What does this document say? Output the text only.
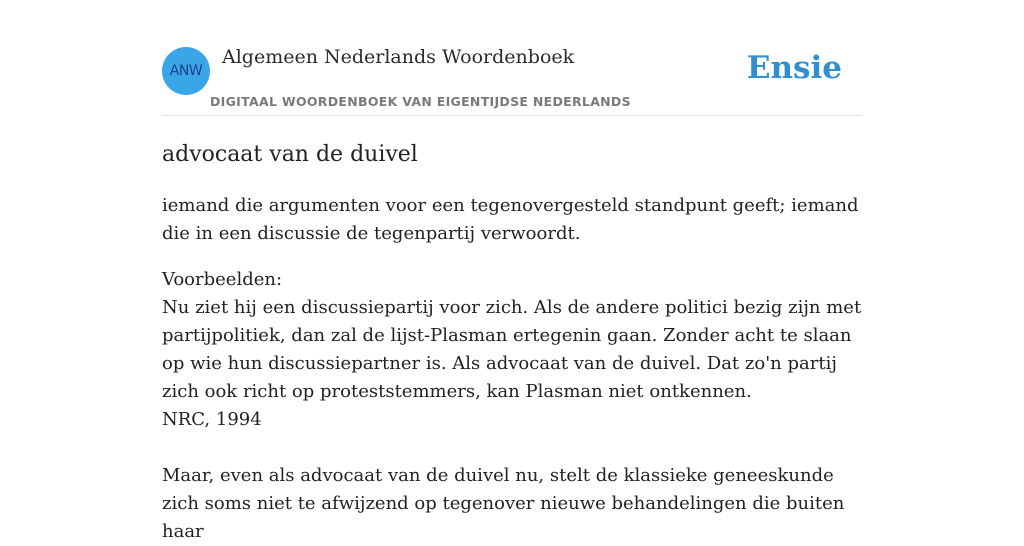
ANW
Algemeen Nederlands Woordenboek
DIGITAAL WOORDENBOEK VAN EIGENTIJDSE NEDERLANDS
Ensie
advocaat van de duivel

iemand die argumenten voor een tegenovergesteld standpunt geeft; iemand die in een discussie de tegenpartij verwoordt.

Voorbeelden:
Nu ziet hij een discussiepartij voor zich. Als de andere politici bezig zijn met partijpolitiek, dan zal de lijst-Plasman ertegenin gaan. Zonder acht te slaan op wie hun discussiepartner is. Als advocaat van de duivel. Dat zo'n partij zich ook richt op proteststemmers, kan Plasman niet ontkennen.
NRC, 1994
Maar, even als advocaat van de duivel nu, stelt de klassieke geneeskunde zich soms niet te afwijzend op tegenover nieuwe behandelingen die buiten haar
